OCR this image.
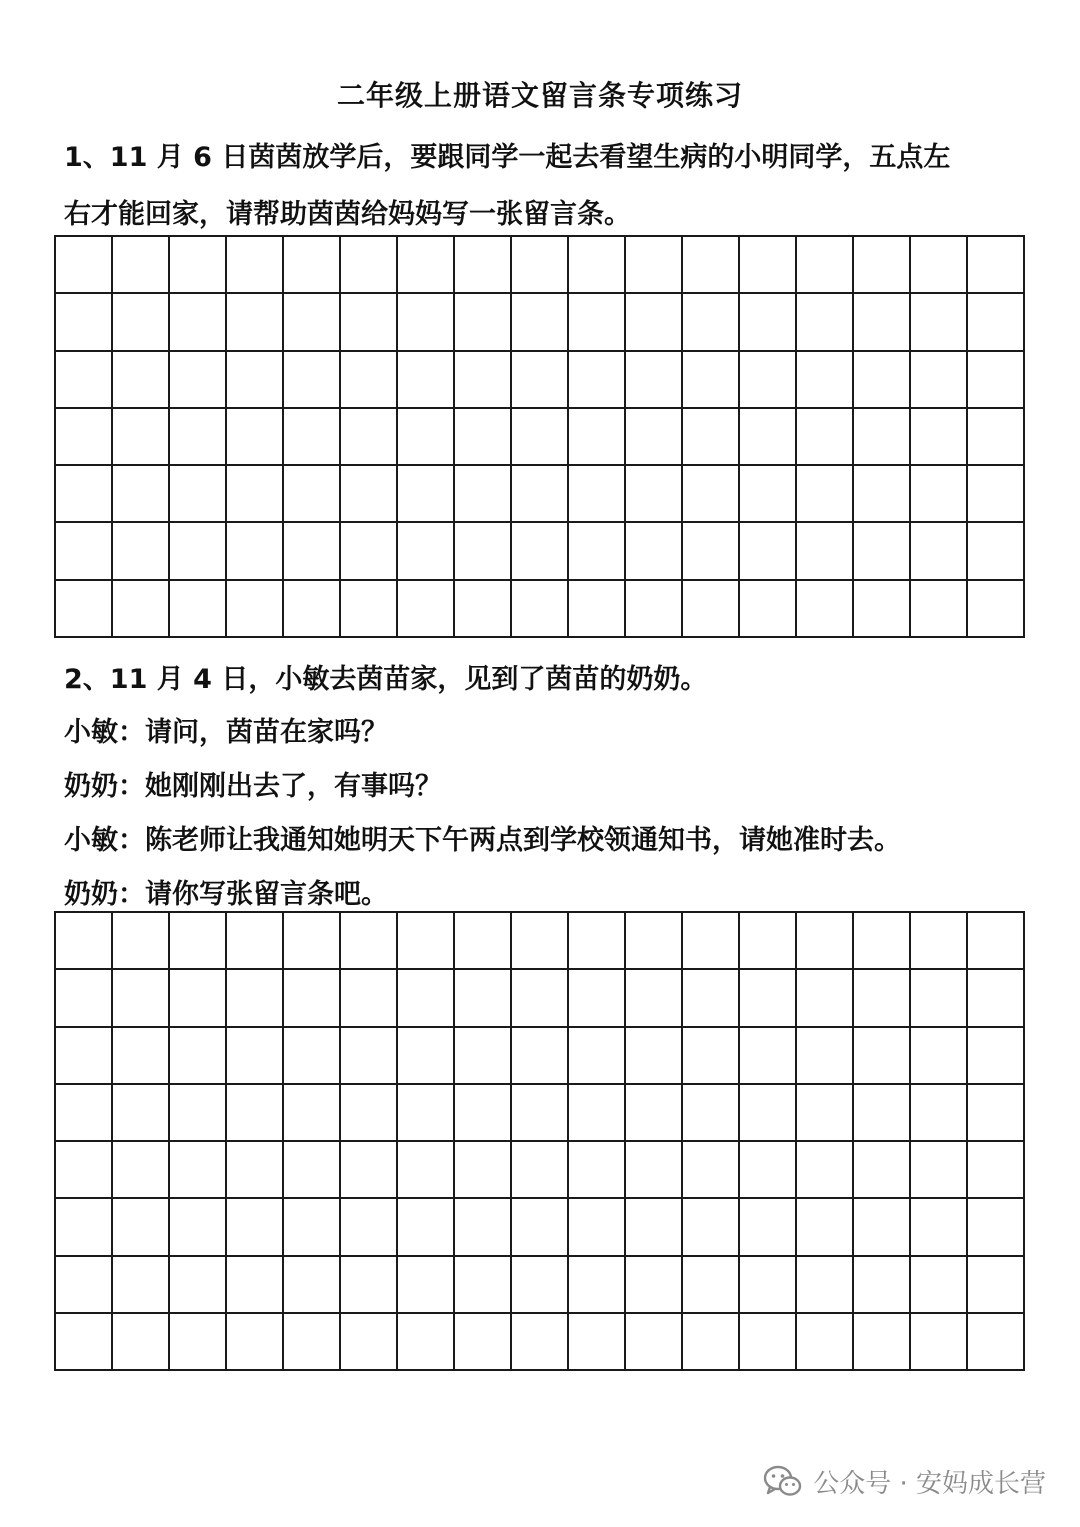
二年级上册语文留言条专项练习
1、11 月 6 日茵茵放学后，要跟同学一起去看望生病的小明同学，五点左
右才能回家，请帮助茵茵给妈妈写一张留言条。
2、11 月 4 日，小敏去茵苗家，见到了茵苗的奶奶。
小敏：请问，茵苗在家吗？
奶奶：她刚刚出去了，有事吗？
小敏：陈老师让我通知她明天下午两点到学校领通知书，请她准时去。
奶奶：请你写张留言条吧。
公众号 · 安妈成长营
